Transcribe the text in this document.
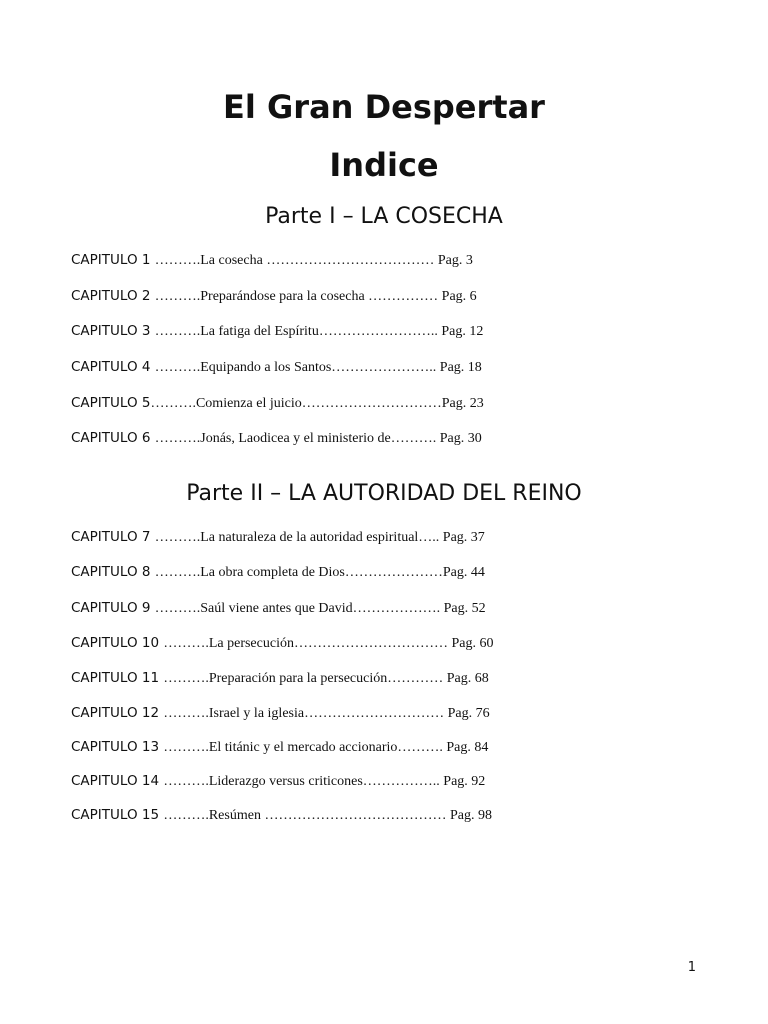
El Gran Despertar
Indice
Parte I – LA COSECHA
CAPITULO 1 ……….La cosecha ……………………………… Pag. 3
CAPITULO 2 ……….Preparándose para la cosecha …………… Pag. 6
CAPITULO 3 ……….La fatiga del Espíritu…………………….. Pag. 12
CAPITULO 4 ……….Equipando a los Santos………………….. Pag. 18
CAPITULO 5……….Comienza el juicio…………………………Pag. 23
CAPITULO 6 ……….Jonás, Laodicea y el ministerio de………. Pag. 30
Parte II – LA AUTORIDAD DEL REINO
CAPITULO 7 ……….La naturaleza de la autoridad espiritual….. Pag. 37
CAPITULO 8 ……….La obra completa de Dios…………………Pag. 44
CAPITULO 9 ……….Saúl viene antes que David………………. Pag. 52
CAPITULO 10 ……….La persecución…………………………… Pag. 60
CAPITULO 11 ……….Preparación para la persecución………… Pag. 68
CAPITULO 12 ……….Israel y la iglesia………………………… Pag. 76
CAPITULO 13 ……….El titánic y el mercado accionario………. Pag. 84
CAPITULO 14 ……….Liderazgo versus criticones…………….. Pag. 92
CAPITULO 15 ……….Resúmen ………………………………… Pag. 98
1
